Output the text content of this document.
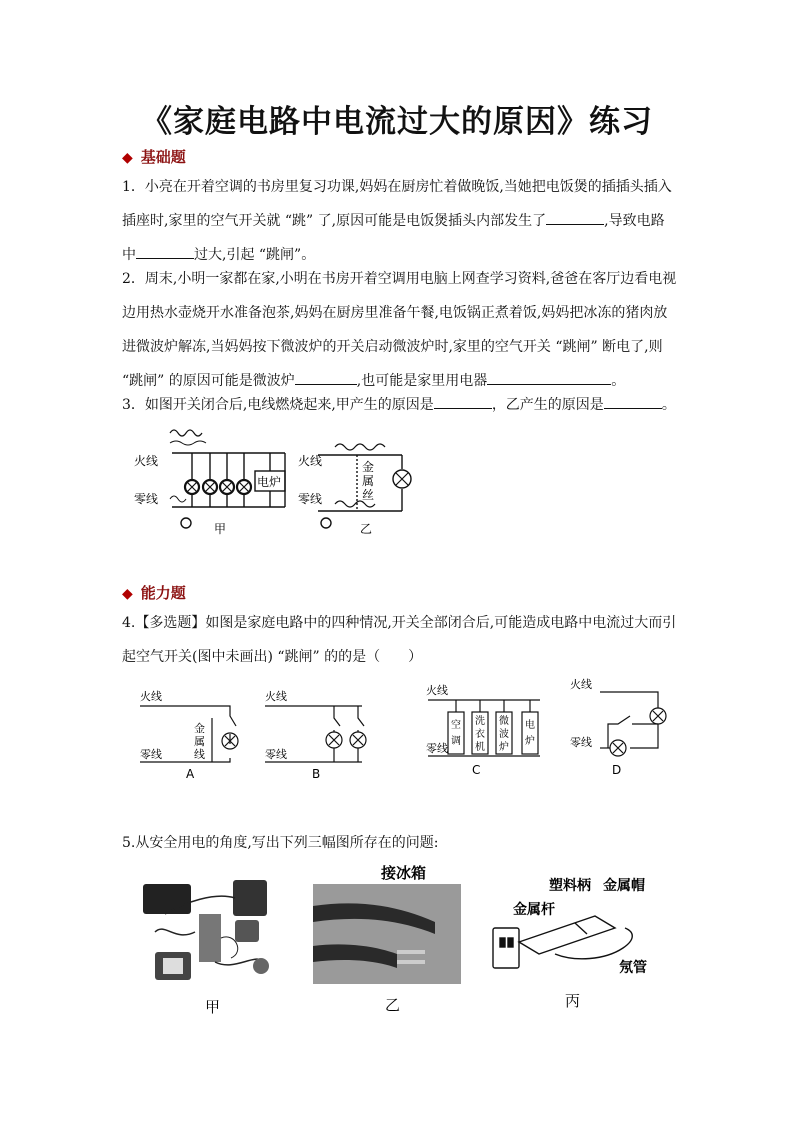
《家庭电路中电流过大的原因》练习
◆ 基础题
1．小亮在开着空调的书房里复习功课,妈妈在厨房忙着做晚饭,当她把电饭煲的插插头插入
插座时,家里的空气开关就 “跳” 了,原因可能是电饭煲插头内部发生了	,导致电路
中	过大,引起 “跳闸”。
2．周末,小明一家都在家,小明在书房开着空调用电脑上网查学习资料,爸爸在客厅边看电视
边用热水壶烧开水准备泡茶,妈妈在厨房里准备午餐,电饭锅正煮着饭,妈妈把冰冻的猪肉放
进微波炉解冻,当妈妈按下微波炉的开关启动微波炉时,家里的空气开关 “跳闸” 断电了,则
“跳闸” 的原因可能是微波炉	,也可能是家里用电器	。
3．如图开关闭合后,电线燃烧起来,甲产生的原因是	，乙产生的原因是	。
火线
零线
电炉
甲
火线
零线
金
属
丝
乙
◆ 能力题
4.【多选题】如图是家庭电路中的四种情况,开关全部闭合后,可能造成电路中电流过大而引
起空气开关(图中未画出) “跳闸” 的的是（　　）
火线
零线
金
属
线
A
火线
零线
B
火线
零线
空
调
洗
衣
机
微
波
炉
电
炉
C
火线
零线
D
5.从安全用电的角度,写出下列三幅图所存在的问题:
接冰箱
塑料柄 金属帽
金属杆
氖管
甲	乙	丙
